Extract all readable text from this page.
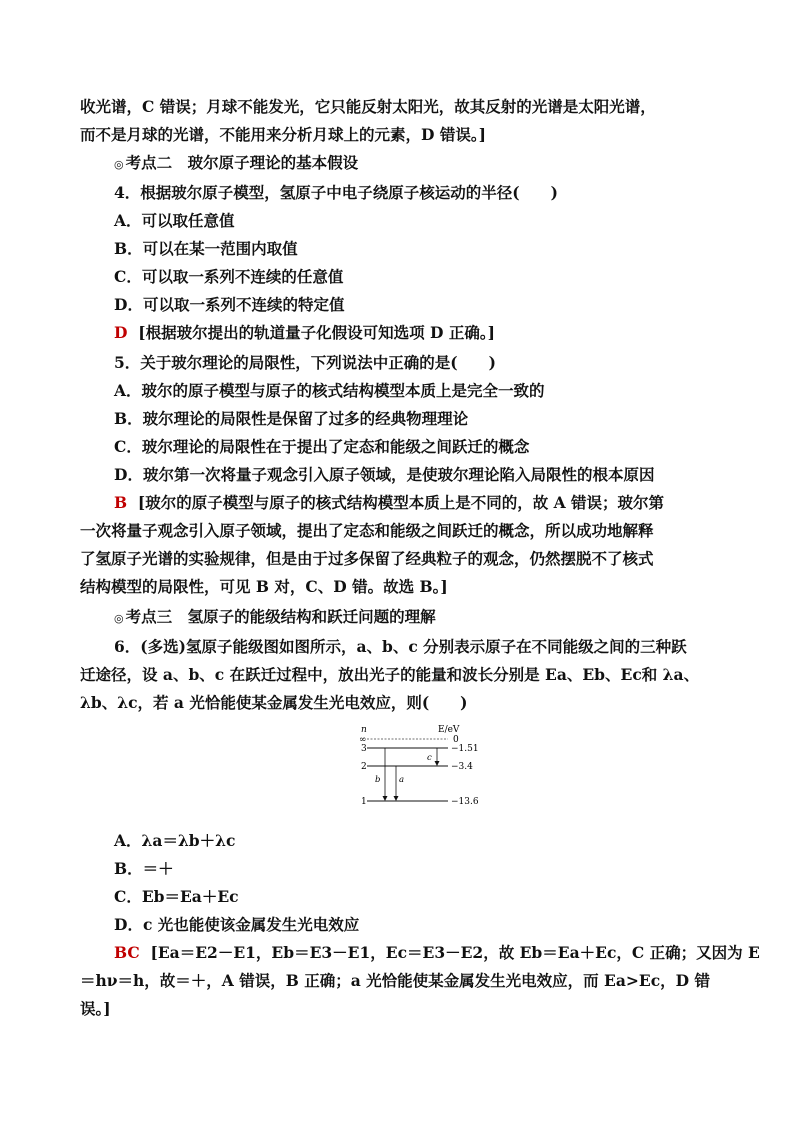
收光谱，C 错误；月球不能发光，它只能反射太阳光，故其反射的光谱是太阳光谱，
而不是月球的光谱，不能用来分析月球上的元素，D 错误。]
◎ 考点二　玻尔原子理论的基本假设
4．根据玻尔原子模型，氢原子中电子绕原子核运动的半径(　　)
A．可以取任意值
B．可以在某一范围内取值
C．可以取一系列不连续的任意值
D．可以取一系列不连续的特定值
D [根据玻尔提出的轨道量子化假设可知选项 D 正确。]
5．关于玻尔理论的局限性，下列说法中正确的是(　　)
A．玻尔的原子模型与原子的核式结构模型本质上是完全一致的
B．玻尔理论的局限性是保留了过多的经典物理理论
C．玻尔理论的局限性在于提出了定态和能级之间跃迁的概念
D．玻尔第一次将量子观念引入原子领域，是使玻尔理论陷入局限性的根本原因
B [玻尔的原子模型与原子的核式结构模型本质上是不同的，故 A 错误；玻尔第
一次将量子观念引入原子领域，提出了定态和能级之间跃迁的概念，所以成功地解释
了氢原子光谱的实验规律，但是由于过多保留了经典粒子的观念，仍然摆脱不了核式
结构模型的局限性，可见 B 对，C、D 错。故选 B。]
◎ 考点三　氢原子的能级结构和跃迁问题的理解
6．(多选)氢原子能级图如图所示，a、b、c 分别表示原子在不同能级之间的三种跃
迁途径，设 a、b、c 在跃迁过程中，放出光子的能量和波长分别是 Ea、Eb、Ec和 λa、
λb、λc，若 a 光恰能使某金属发生光电效应，则(　　)
n	E/eV
∞	0
3	−1.51
2	−3.4
1	−13.6
c
b a
A．λa＝λb＋λc
B．＝＋
C．Eb＝Ea＋Ec
D．c 光也能使该金属发生光电效应
BC [Ea＝E2－E1，Eb＝E3－E1，Ec＝E3－E2，故 Eb＝Ea＋Ec，C 正确；又因为 E
＝hν＝h，故＝＋，A 错误，B 正确；a 光恰能使某金属发生光电效应，而 Ea>Ec，D 错
误。]
